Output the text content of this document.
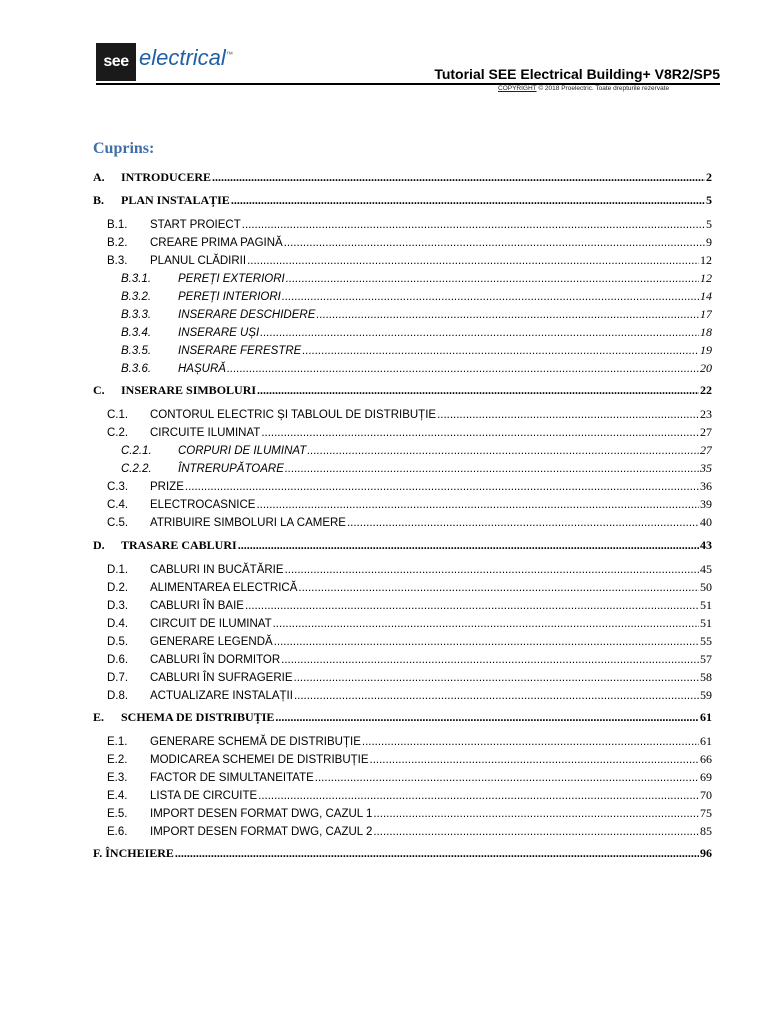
see electrical™
Tutorial SEE Electrical Building+ V8R2/SP5
COPYRIGHT © 2018 Proelectric. Toate drepturile rezervate
Cuprins:
A.	INTRODUCERE .....	2
B.	PLAN INSTALAȚIE .....	5
B.1.	START PROIECT .....	5
B.2.	CREARE PRIMA PAGINĂ .....	9
B.3.	PLANUL CLĂDIRII .....	12
B.3.1.	PEREȚI EXTERIORI .....	12
B.3.2.	PEREȚI INTERIORI .....	14
B.3.3.	INSERARE DESCHIDERE .....	17
B.3.4.	INSERARE UȘI .....	18
B.3.5.	INSERARE FERESTRE .....	19
B.3.6.	HAȘURĂ .....	20
C.	INSERARE SIMBOLURI .....	22
C.1.	CONTORUL ELECTRIC ȘI TABLOUL DE DISTRIBUȚIE .....	23
C.2.	CIRCUITE ILUMINAT .....	27
C.2.1.	CORPURI DE ILUMINAT .....	27
C.2.2.	ÎNTRERUPĂTOARE .....	35
C.3.	PRIZE .....	36
C.4.	ELECTROCASNICE .....	39
C.5.	ATRIBUIRE SIMBOLURI LA CAMERE .....	40
D.	TRASARE CABLURI .....	43
D.1.	CABLURI IN BUCĂTĂRIE .....	45
D.2.	ALIMENTAREA ELECTRICĂ .....	50
D.3.	CABLURI ÎN BAIE .....	51
D.4.	CIRCUIT DE ILUMINAT .....	51
D.5.	GENERARE LEGENDĂ .....	55
D.6.	CABLURI ÎN DORMITOR .....	57
D.7.	CABLURI ÎN SUFRAGERIE .....	58
D.8.	ACTUALIZARE INSTALAȚII .....	59
E.	SCHEMA DE DISTRIBUȚIE .....	61
E.1.	GENERARE SCHEMĂ DE DISTRIBUȚIE .....	61
E.2.	MODICAREA SCHEMEI DE DISTRIBUȚIE .....	66
E.3.	FACTOR DE SIMULTANEITATE .....	69
E.4.	LISTA DE CIRCUITE .....	70
E.5.	IMPORT DESEN FORMAT DWG, CAZUL 1 .....	75
E.6.	IMPORT DESEN FORMAT DWG, CAZUL 2 .....	85
F. ÎNCHEIERE .....	96
